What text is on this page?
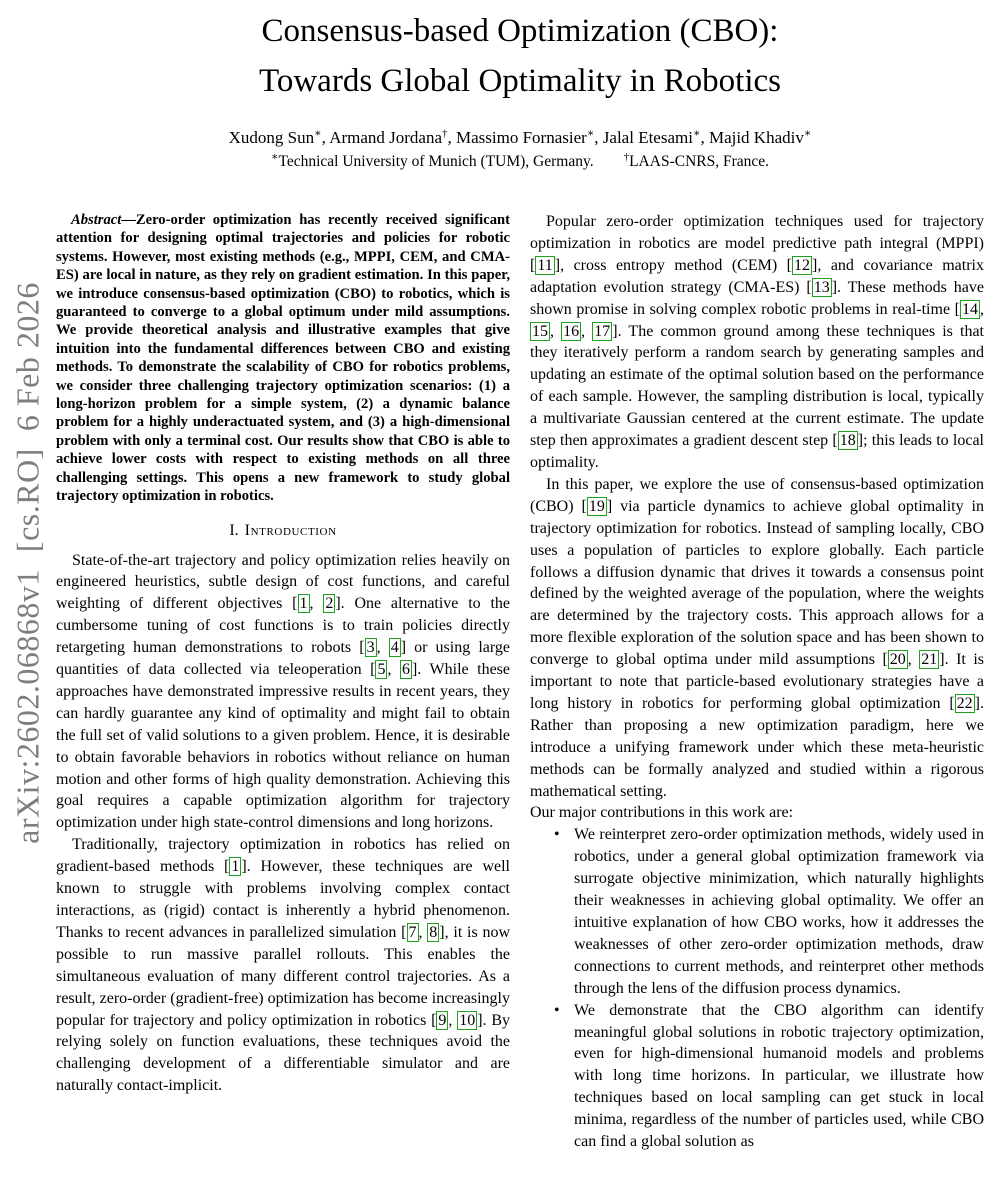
arXiv:2602.06868v1  [cs.RO]  6 Feb 2026
Consensus-based Optimization (CBO):
Towards Global Optimality in Robotics
Xudong Sun∗, Armand Jordana†, Massimo Fornasier∗, Jalal Etesami∗, Majid Khadiv∗
∗Technical University of Munich (TUM), Germany.	†LAAS-CNRS, France.

Abstract—Zero-order optimization has recently received significant attention for designing optimal trajectories and policies for robotic systems. However, most existing methods (e.g., MPPI, CEM, and CMA-ES) are local in nature, as they rely on gradient estimation. In this paper, we introduce consensus-based optimization (CBO) to robotics, which is guaranteed to converge to a global optimum under mild assumptions. We provide theoretical analysis and illustrative examples that give intuition into the fundamental differences between CBO and existing methods. To demonstrate the scalability of CBO for robotics problems, we consider three challenging trajectory optimization scenarios: (1) a long-horizon problem for a simple system, (2) a dynamic balance problem for a highly underactuated system, and (3) a high-dimensional problem with only a terminal cost. Our results show that CBO is able to achieve lower costs with respect to existing methods on all three challenging settings. This opens a new framework to study global trajectory optimization in robotics.

I. Introduction

State-of-the-art trajectory and policy optimization relies heavily on engineered heuristics, subtle design of cost functions, and careful weighting of different objectives [ 1 , 2 ]. One alternative to the cumbersome tuning of cost functions is to train policies directly retargeting human demonstrations to robots [ 3 , 4 ] or using large quantities of data collected via teleoperation [ 5 , 6 ]. While these approaches have demonstrated impressive results in recent years, they can hardly guarantee any kind of optimality and might fail to obtain the full set of valid solutions to a given problem. Hence, it is desirable to obtain favorable behaviors in robotics without reliance on human motion and other forms of high quality demonstration. Achieving this goal requires a capable optimization algorithm for trajectory optimization under high state-control dimensions and long horizons.

Traditionally, trajectory optimization in robotics has relied on gradient-based methods [ 1 ]. However, these techniques are well known to struggle with problems involving complex contact interactions, as (rigid) contact is inherently a hybrid phenomenon. Thanks to recent advances in parallelized simulation [ 7 , 8 ], it is now possible to run massive parallel rollouts. This enables the simultaneous evaluation of many different control trajectories. As a result, zero-order (gradient-free) optimization has become increasingly popular for trajectory and policy optimization in robotics [ 9 , 10 ]. By relying solely on function evaluations, these techniques avoid the challenging development of a differentiable simulator and are naturally contact-implicit.

Popular zero-order optimization techniques used for trajectory optimization in robotics are model predictive path integral (MPPI) [ 11 ], cross entropy method (CEM) [ 12 ], and covariance matrix adaptation evolution strategy (CMA-ES) [ 13 ]. These methods have shown promise in solving complex robotic problems in real-time [ 14 , 15 , 16 , 17 ]. The common ground among these techniques is that they iteratively perform a random search by generating samples and updating an estimate of the optimal solution based on the performance of each sample. However, the sampling distribution is local, typically a multivariate Gaussian centered at the current estimate. The update step then approximates a gradient descent step [ 18 ]; this leads to local optimality.

In this paper, we explore the use of consensus-based optimization (CBO) [ 19 ] via particle dynamics to achieve global optimality in trajectory optimization for robotics. Instead of sampling locally, CBO uses a population of particles to explore globally. Each particle follows a diffusion dynamic that drives it towards a consensus point defined by the weighted average of the population, where the weights are determined by the trajectory costs. This approach allows for a more flexible exploration of the solution space and has been shown to converge to global optima under mild assumptions [ 20 , 21 ]. It is important to note that particle-based evolutionary strategies have a long history in robotics for performing global optimization [ 22 ]. Rather than proposing a new optimization paradigm, here we introduce a unifying framework under which these meta-heuristic methods can be formally analyzed and studied within a rigorous mathematical setting.

Our major contributions in this work are:

• We reinterpret zero-order optimization methods, widely used in robotics, under a general global optimization framework via surrogate objective minimization, which naturally highlights their weaknesses in achieving global optimality. We offer an intuitive explanation of how CBO works, how it addresses the weaknesses of other zero-order optimization methods, draw connections to current methods, and reinterpret other methods through the lens of the diffusion process dynamics.
• We demonstrate that the CBO algorithm can identify meaningful global solutions in robotic trajectory optimization, even for high-dimensional humanoid models and problems with long time horizons. In particular, we illustrate how techniques based on local sampling can get stuck in local minima, regardless of the number of particles used, while CBO can find a global solution as
